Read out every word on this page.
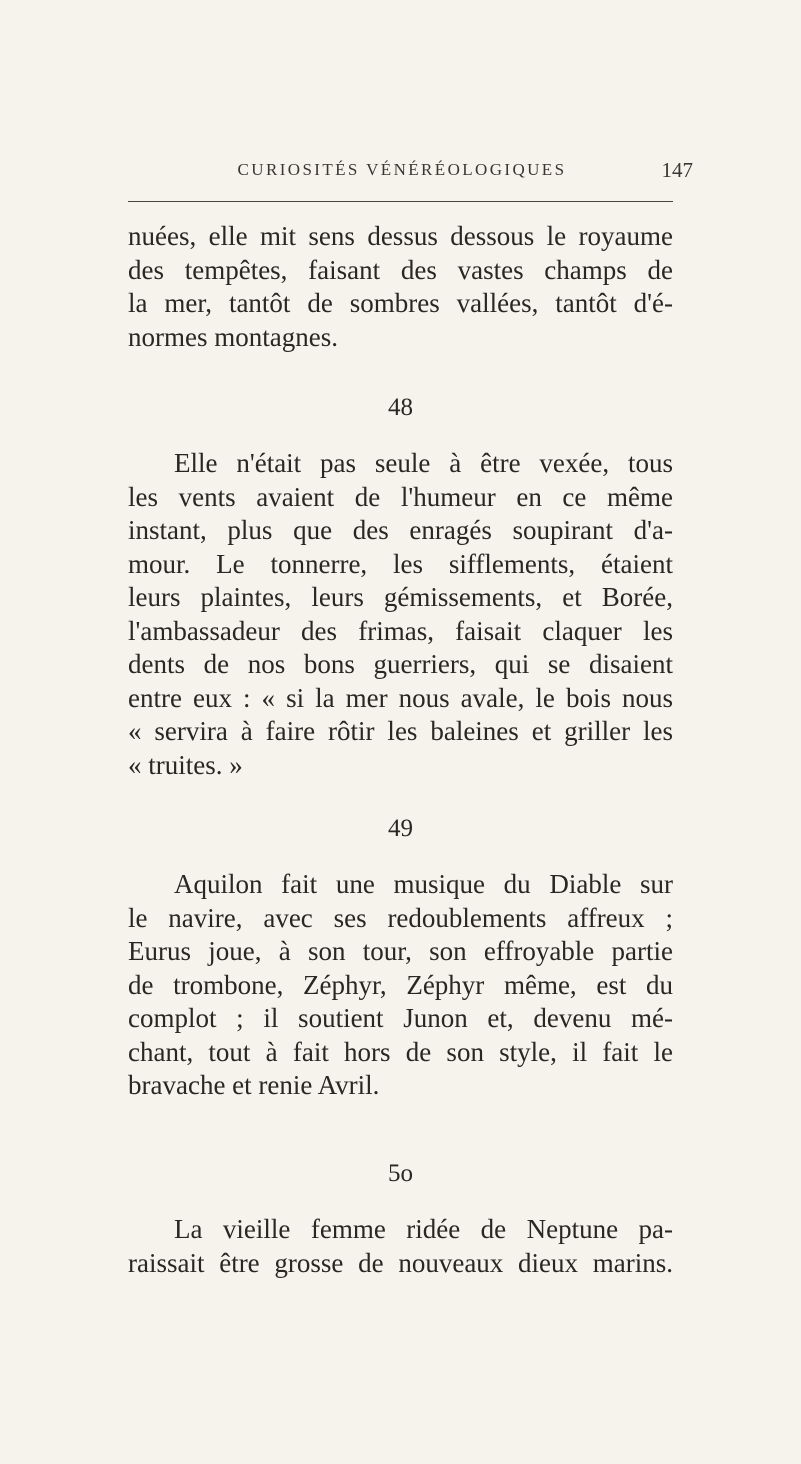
CURIOSITÉS VÉNÉRÉOLOGIQUES	147

nuées, elle mit sens dessus dessous le royaume
des tempêtes, faisant des vastes champs de
la mer, tantôt de sombres vallées, tantôt d'é-
normes montagnes.

48

Elle n'était pas seule à être vexée, tous
les vents avaient de l'humeur en ce même
instant, plus que des enragés soupirant d'a-
mour. Le tonnerre, les sifflements, étaient
leurs plaintes, leurs gémissements, et Borée,
l'ambassadeur des frimas, faisait claquer les
dents de nos bons guerriers, qui se disaient
entre eux : « si la mer nous avale, le bois nous
« servira à faire rôtir les baleines et griller les
« truites. »

49

Aquilon fait une musique du Diable sur
le navire, avec ses redoublements affreux ;
Eurus joue, à son tour, son effroyable partie
de trombone, Zéphyr, Zéphyr même, est du
complot ; il soutient Junon et, devenu mé-
chant, tout à fait hors de son style, il fait le
bravache et renie Avril.

5o

La vieille femme ridée de Neptune pa-
raissait être grosse de nouveaux dieux marins.
